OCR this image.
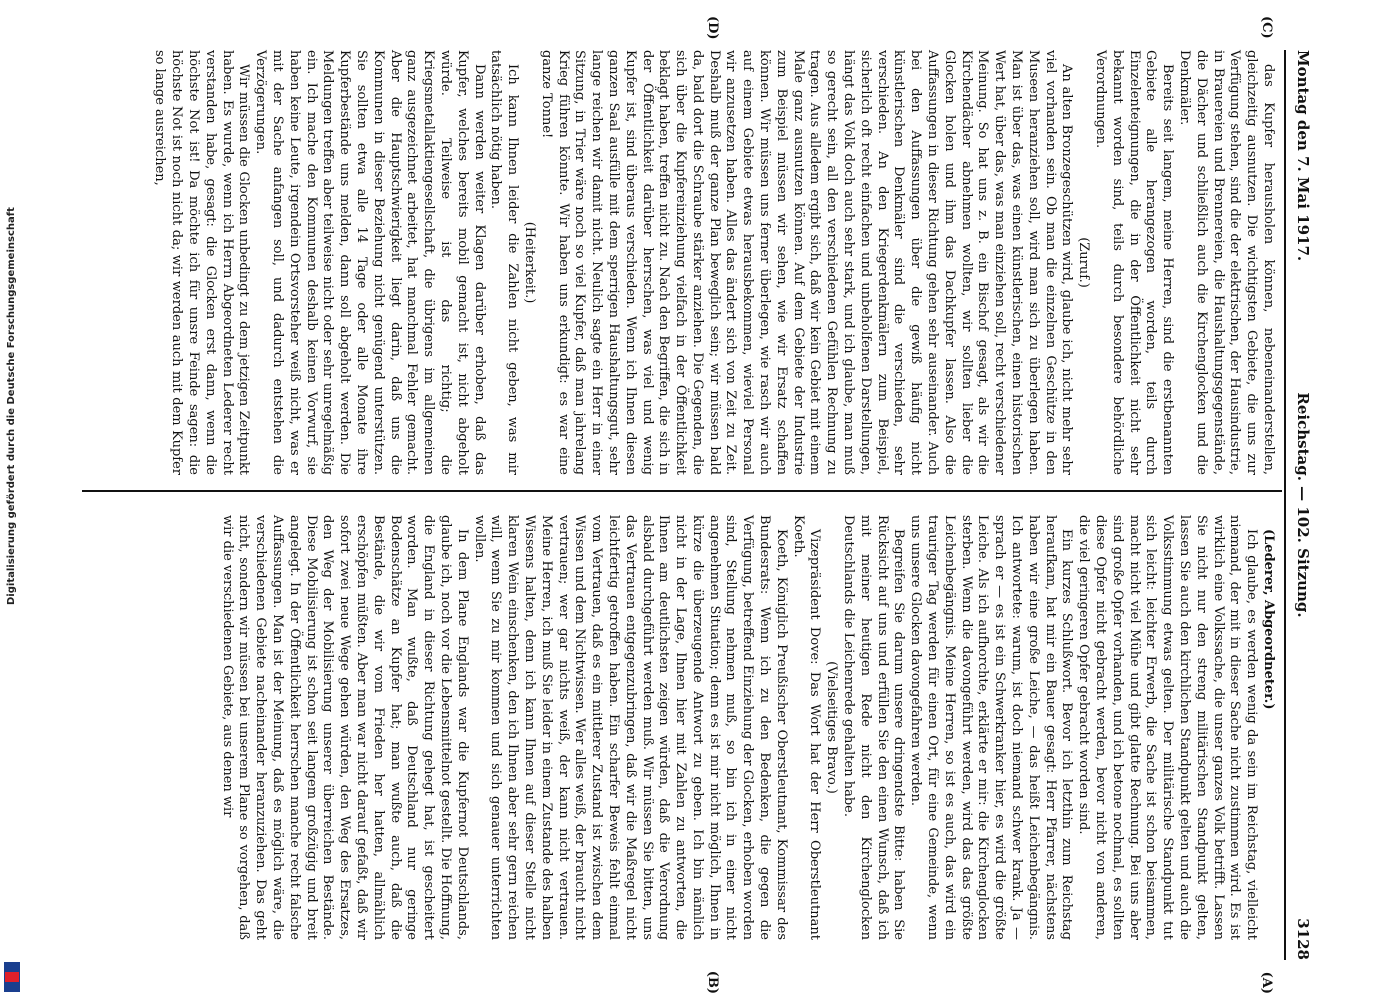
3128
Reichstag. — 102. Sitzung.
Montag den 7. Mai 1917.

(Lederer, Abgeordneter.)

Ich glaube, es werden wenig da sein im Reichstag, vielleicht niemand, der mit in dieser Sache nicht zustimmen wird. Es ist wirklich eine Volkssache, die unser ganzes Volk betrifft. Lassen Sie nicht nur den streng militärischen Standpunkt gelten, lassen Sie auch den kirchlichen Standpunkt gelten und auch die Volksstimmung etwas gelten. Der militärische Standpunkt tut sich leicht: leichter Erwerb, die Sache ist schon beisammen, macht nicht viel Mühe und gibt glatte Rechnung. Bei uns aber sind große Opfer vorhanden, und ich betone nochmal, es sollten diese Opfer nicht gebracht werden, bevor nicht von anderen, die viel geringeren Opfer gebracht worden sind.

Ein kurzes Schlußwort. Bevor ich letzthin zum Reichstag heraufkam, hat mir ein Bauer gesagt: Herr Pfarrer, nächstens haben wir eine große Leiche, — das heißt Leichenbegängnis. Ich antwortete: warum, ist doch niemand schwer krank. Ja — sprach er — es ist ein Schwerkranker hier, es wird die größte Leiche. Als ich aufhorchte, erklärte er mir: die Kirchenglocken sterben. Wenn die davongeführt werden, wird das das größte Leichenbegängnis. Meine Herren, so ist es auch, das wird ein trauriger Tag werden für einen Ort, für eine Gemeinde, wenn uns unsere Glocken davongefahren werden.

Begreifen Sie darum unsere dringendste Bitte: haben Sie Rücksicht auf uns und erfüllen Sie den einen Wunsch, daß ich mit meiner heutigen Rede nicht den Kirchenglocken Deutschlands die Leichenrede gehalten habe.

(Vielseitiges Bravo.)

Vizepräsident Dove: Das Wort hat der Herr Oberstleutnant Koeth.

Koeth, Königlich Preußischer Oberstleutnant, Kommissar des Bundesrats: Wenn ich zu den Bedenken, die gegen die Verfügung, betreffend Einziehung der Glocken, erhoben worden sind, Stellung nehmen muß, so bin ich in einer nicht angenehmen Situation; denn es ist mir nicht möglich, Ihnen in kürze die überzeugende Antwort zu geben. Ich bin nämlich nicht in der Lage, Ihnen hier mit Zahlen zu antworten, die Ihnen am deutlichsten zeigen würden, daß die Verordnung alsbald durchgeführt werden muß. Wir müssen Sie bitten, uns das Vertrauen entgegenzubringen, daß wir die Maßregel nicht leichtfertig getroffen haben. Ein scharfer Beweis fehlt einmal vom Vertrauen, daß es ein mittlerer Zustand ist zwischen dem Wissen und dem Nichtwissen. Wer alles weiß, der braucht nicht vertrauen; wer gar nichts weiß, der kann nicht vertrauen. Meine Herren, ich muß Sie leider in einem Zustande des halben Wissens halten, denn ich kann Ihnen auf dieser Stelle nicht klaren Wein einschenken, den ich Ihnen aber sehr gern reichen will, wenn Sie zu mir kommen und sich genauer unterrichten wollen.

In dem Plane Englands war die Kupfernot Deutschlands, glaube ich, noch vor die Lebensmittelnot gestellt. Die Hoffnung, die England in dieser Richtung gehegt hat, ist gescheitert worden. Man wußte, daß Deutschland nur geringe Bodenschätze an Kupfer hat; man wußte auch, daß die Bestände, die wir vom Frieden her hatten, allmählich erschöpfen müßten. Aber man war nicht darauf gefaßt, daß wir sofort zwei neue Wege gehen würden, den Weg des Ersatzes, den Weg der Mobilisierung unserer überreichen Bestände. Diese Mobilisierung ist schon seit langem großzügig und breit angelegt. In der Öffentlichkeit herrschen manche recht falsche Auffassungen. Man ist der Meinung, daß es möglich wäre, die verschiedenen Gebiete nacheinander heranzuziehen. Das geht nicht, sondern wir müssen bei unserem Plane so vorgehen, daß wir die verschiedenen Gebiete, aus denen wir

das Kupfer herausholen können, nebeneinanderstellen, gleichzeitig ausnutzen. Die wichtigsten Gebiete, die uns zur Verfügung stehen, sind die der elektrischen, der Hausindustrie, in Brauereien und Brennereien, die Haushaltungsgegenstände, die Dächer und schließlich auch die Kirchenglocken und die Denkmäler.

Bereits seit langem, meine Herren, sind die erstbenannten Gebiete alle herangezogen worden, teils durch Einzelenteignungen, die in der Öffentlichkeit nicht sehr bekannt worden sind, teils durch besondere behördliche Verordnungen.

(Zuruf.)

An alten Bronzegeschützen wird, glaube ich, nicht mehr sehr viel vorhanden sein. Ob man die einzelnen Geschütze in den Museen heranziehen soll, wird man sich zu überlegen haben. Man ist über das, was einen künstlerischen, einen historischen Wert hat, über das, was man einziehen soll, recht verschiedener Meinung. So hat uns z. B. ein Bischof gesagt, als wir die Kirchendächer abnehmen wollten, wir sollten lieber die Glocken holen und ihm das Dachkupfer lassen. Also die Auffassungen in dieser Richtung gehen sehr auseinander. Auch bei den Auffassungen über die gewiß häufig nicht künstlerischen Denkmäler sind die verschieden, sehr verschieden. An den Kriegerdenkmälern zum Beispiel, sicherlich oft recht einfachen und unbeholfenen Darstellungen, hängt das Volk doch auch sehr stark, und ich glaube, man muß so gerecht sein, all den verschiedenen Gefühlen Rechnung zu tragen. Aus alledem ergibt sich, daß wir kein Gebiet mit einem Male ganz ausnutzen können. Auf dem Gebiete der Industrie zum Beispiel müssen wir sehen, wie wir Ersatz schaffen können. Wir müssen uns ferner überlegen, wie rasch wir auch auf einem Gebiete etwas herausbekommen, wieviel Personal wir anzusetzen haben. Alles das ändert sich von Zeit zu Zeit. Deshalb muß der ganze Plan beweglich sein; wir müssen bald da, bald dort die Schraube stärker anziehen. Die Gegenden, die sich über die Kupfereinziehung vielfach in der Öffentlichkeit beklagt haben, treffen nicht zu. Nach den Begriffen, die sich in der Öffentlichkeit darüber herrschen, was viel und wenig Kupfer ist, sind überaus verschieden. Wenn ich Ihnen diesen ganzen Saal ausfülle mit dem sperrigen Haushaltungsgut, sehr lange reichen wir damit nicht. Neulich sagte ein Herr in einer Sitzung, in Trier wäre noch so viel Kupfer, daß man jahrelang Krieg führen könnte. Wir haben uns erkundigt: es war eine ganze Tonne!

(Heiterkeit.)

Ich kann Ihnen leider die Zahlen nicht geben, was mir tatsächlich nötig haben.

Dann werden weiter Klagen darüber erhoben, daß das Kupfer, welches bereits mobil gemacht ist, nicht abgeholt würde. Teilweise ist das richtig; die Kriegsmetallaktiengesellschaft, die übrigens im allgemeinen ganz ausgezeichnet arbeitet, hat manchmal Fehler gemacht. Aber die Hauptschwierigkeit liegt darin, daß uns die Kommunen in dieser Beziehung nicht genügend unterstützen. Sie sollten etwa alle 14 Tage oder alle Monate ihre Kupferbestände uns melden, dann soll abgeholt werden. Die Meldungen treffen aber teilweise nicht oder sehr unregelmäßig ein. Ich mache den Kommunen deshalb keinen Vorwurf, sie haben keine Leute, irgendein Ortsvorsteher weiß nicht, was er mit der Sache anfangen soll, und dadurch entstehen die Verzögerungen.

Wir müssen die Glocken unbedingt zu dem jetzigen Zeitpunkt haben. Es wurde, wenn ich Herrn Abgeordneten Lederer recht verstanden habe, gesagt: die Glocken erst dann, wenn die höchste Not ist! Da möchte ich für unsre Feinde sagen: die höchste Not ist noch nicht da; wir werden auch mit dem Kupfer so lange ausreichen,

(A)
(B)
(C)
(D)
Digitalisierung gefördert durch die Deutsche Forschungsgemeinschaft
